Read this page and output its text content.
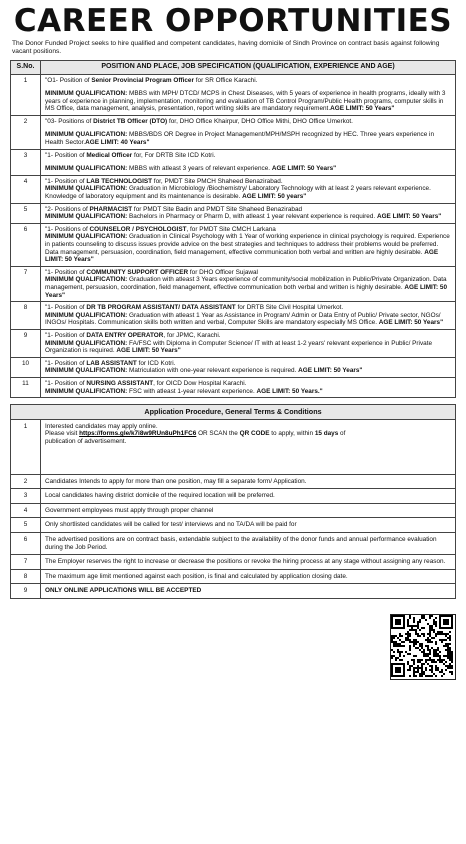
CAREER OPPORTUNITIES
The Donor Funded Project seeks to hire qualified and competent candidates, having domicile of Sindh Province on contract basis against following vacant positions.
S.No.	POSITION AND PLACE, JOB SPECIFICATION (QUALIFICATION, EXPERIENCE AND AGE)
1	"O1- Position of Senior Provincial Program Officer for SR Office Karachi.
MINIMUM QUALIFICATION: MBBS with MPH/ DTCD/ MCPS in Chest Diseases, with 5 years of experience in health programs, ideally with 3 years of experience in planning, implementation, monitoring and evaluation of TB Control Program/Public Health programs, computer skills in MS Office, data management, analysis, presentation, report writing skills are mandatory requirement.AGE LIMIT: 50 Years"

2	"03- Positions of District TB Officer (DTO) for, DHO Office Khairpur, DHO Office Mithi, DHO Office Umerkot.
MINIMUM QUALIFICATION: MBBS/BDS OR Degree in Project Management/MPH/MSPH recognized by HEC. Three years experience in Health Sector.AGE LIMIT: 40 Years"

3	"1- Position of Medical Officer for, For DRTB Site ICD Kotri.
MINIMUM QUALIFICATION: MBBS with atleast 3 years of relevant experience. AGE LIMIT: 50 Years"

4	"1- Position of LAB TECHNOLOGIST for, PMDT Site PMCH Shaheed Benazirabad.
MINIMUM QUALIFICATION: Graduation in Microbiology /Biochemistry/ Laboratory Technology with at least 2 years relevant experience. Knowledge of laboratory equipment and its maintenance is desirable. AGE LIMIT: 50 years"

5	"2- Positions of PHARMACIST for PMDT Site Badin and PMDT Site Shaheed Benazirabad
MINIMUM QUALIFICATION: Bachelors in Pharmacy or Pharm D, with atleast 1 year relevant experience is required. AGE LIMIT: 50 Years"

6	"1- Positions of COUNSELOR / PSYCHOLOGIST, for PMDT Site CMCH Larkana
MINIMUM QUALIFICATION: Graduation in Clinical Psychology with 1 Year of working experience in clinical psychology is required. Experience in patients counseling to discuss issues provide advice on the best strategies and techniques to address their problems would be preferred. Data management, persuasion, coordination, field management, effective communication both verbal and written are highly desirable. AGE LIMIT: 50 Years"

7	"1- Position of COMMUNITY SUPPORT OFFICER for DHO Officer Sujawal
MINIMUM QUALIFICATION: Graduation with atleast 3 Years experience of community/social mobilization in Public/Private Organization. Data management, persuasion, coordination, field management, effective communication both verbal and written is highly desirable. AGE LIMIT: 50 Years"

8	"1- Position of DR TB PROGRAM ASSISTANT/ DATA ASSISTANT for DRTB Site Civil Hospital Umerkot.
MINIMUM QUALIFICATION: Graduation with atleast 1 Year as Assistance in Program/ Admin or Data Entry of Public/ Private sector, NGOs/ INGOs/ Hospitals. Communication skills both written and verbal, Computer Skills are mandatory especially MS Office. AGE LIMIT: 50 Years"

9	"1- Position of DATA ENTRY OPERATOR, for JPMC, Karachi.
MINIMUM QUALIFICATION: FA/FSC with Diploma in Computer Science/ IT with at least 1-2 years' relevant experience in Public/ Private Organization is required. AGE LIMIT: 50 Years"

10	"1- Position of LAB ASSISTANT for ICD Kotri.
MINIMUM QUALIFICATION: Matriculation with one-year relevant experience is required. AGE LIMIT: 50 Years"

11	"1- Position of NURSING ASSISTANT, for OICD Dow Hospital Karachi.
MINIMUM QUALIFICATION: FSC with atleast 1-year relevant experience. AGE LIMIT: 50 Years."
Application Procedure, General Terms & Conditions	
1	Interested candidates may apply online.
Please visit https://forms.gle/k7i8w9RUn8uPh1FC6 OR SCAN the QR CODE to apply, within 15 days of publication of advertisement.

2	Candidates Intends to apply for more than one position, may fill a separate form/ Application.
3	Local candidates having district domicile of the required location will be preferred.
4	Government employees must apply through proper channel
5	Only shortlisted candidates will be called for test/ interviews and no TA/DA will be paid for
6	The advertised positions are on contract basis, extendable subject to the availability of the donor funds and annual performance evaluation during the Job Period.
7	The Employer reserves the right to increase or decrease the positions or revoke the hiring process at any stage without assigning any reason.
8	The maximum age limit mentioned against each position, is final and calculated by application closing date.
9	ONLY ONLINE APPLICATIONS WILL BE ACCEPTED
